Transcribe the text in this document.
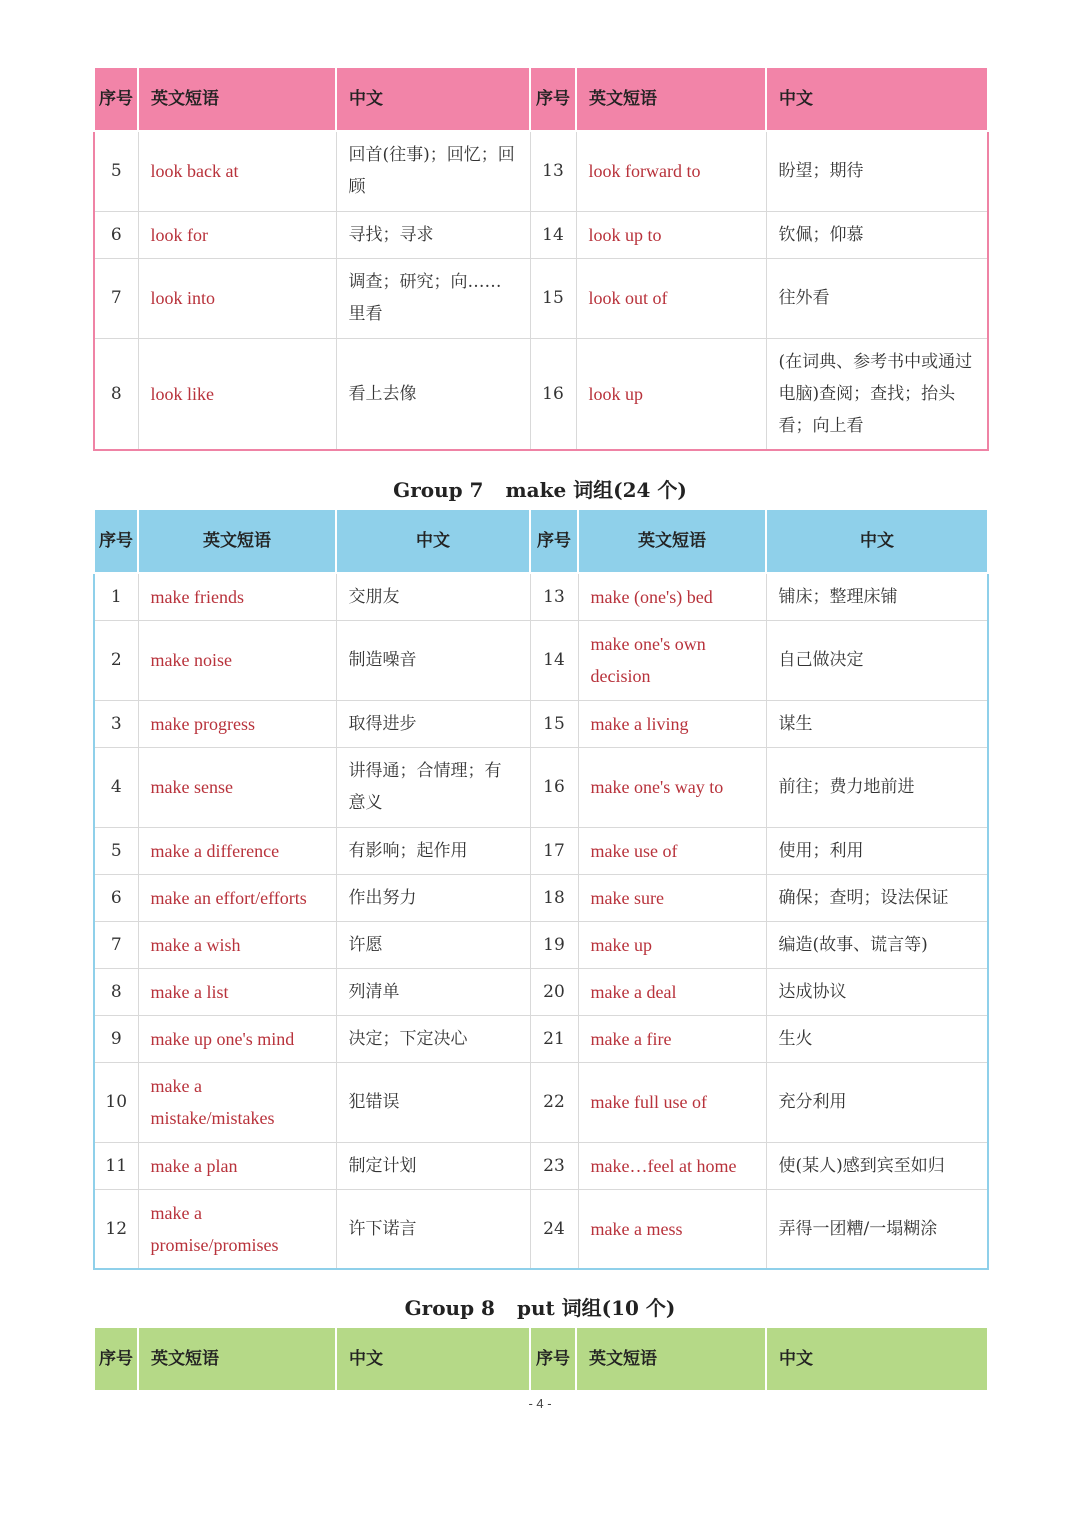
序号	英文短语	中文	序号	英文短语	中文
5	look back at	回首(往事)；回忆；回顾	13	look forward to	盼望；期待
6	look for	寻找；寻求	14	look up to	钦佩；仰慕
7	look into	调查；研究；向……里看	15	look out of	往外看
8	look like	看上去像	16	look up	(在词典、参考书中或通过电脑)查阅；查找；抬头看；向上看
Group 7 make 词组(24 个)
序号	英文短语	中文	序号	英文短语	中文
1	make friends	交朋友	13	make (one's) bed	铺床；整理床铺
2	make noise	制造噪音	14	make one's own decision	自己做决定
3	make progress	取得进步	15	make a living	谋生
4	make sense	讲得通；合情理；有意义	16	make one's way to	前往；费力地前进
5	make a difference	有影响；起作用	17	make use of	使用；利用
6	make an effort/efforts	作出努力	18	make sure	确保；查明；设法保证
7	make a wish	许愿	19	make up	编造(故事、谎言等)
8	make a list	列清单	20	make a deal	达成协议
9	make up one's mind	决定；下定决心	21	make a fire	生火
10	make a mistake/mistakes	犯错误	22	make full use of	充分利用
11	make a plan	制定计划	23	make…feel at home	使(某人)感到宾至如归
12	make a promise/promises	许下诺言	24	make a mess	弄得一团糟/一塌糊涂
Group 8 put 词组(10 个)
序号	英文短语	中文	序号	英文短语	中文
- 4 -
